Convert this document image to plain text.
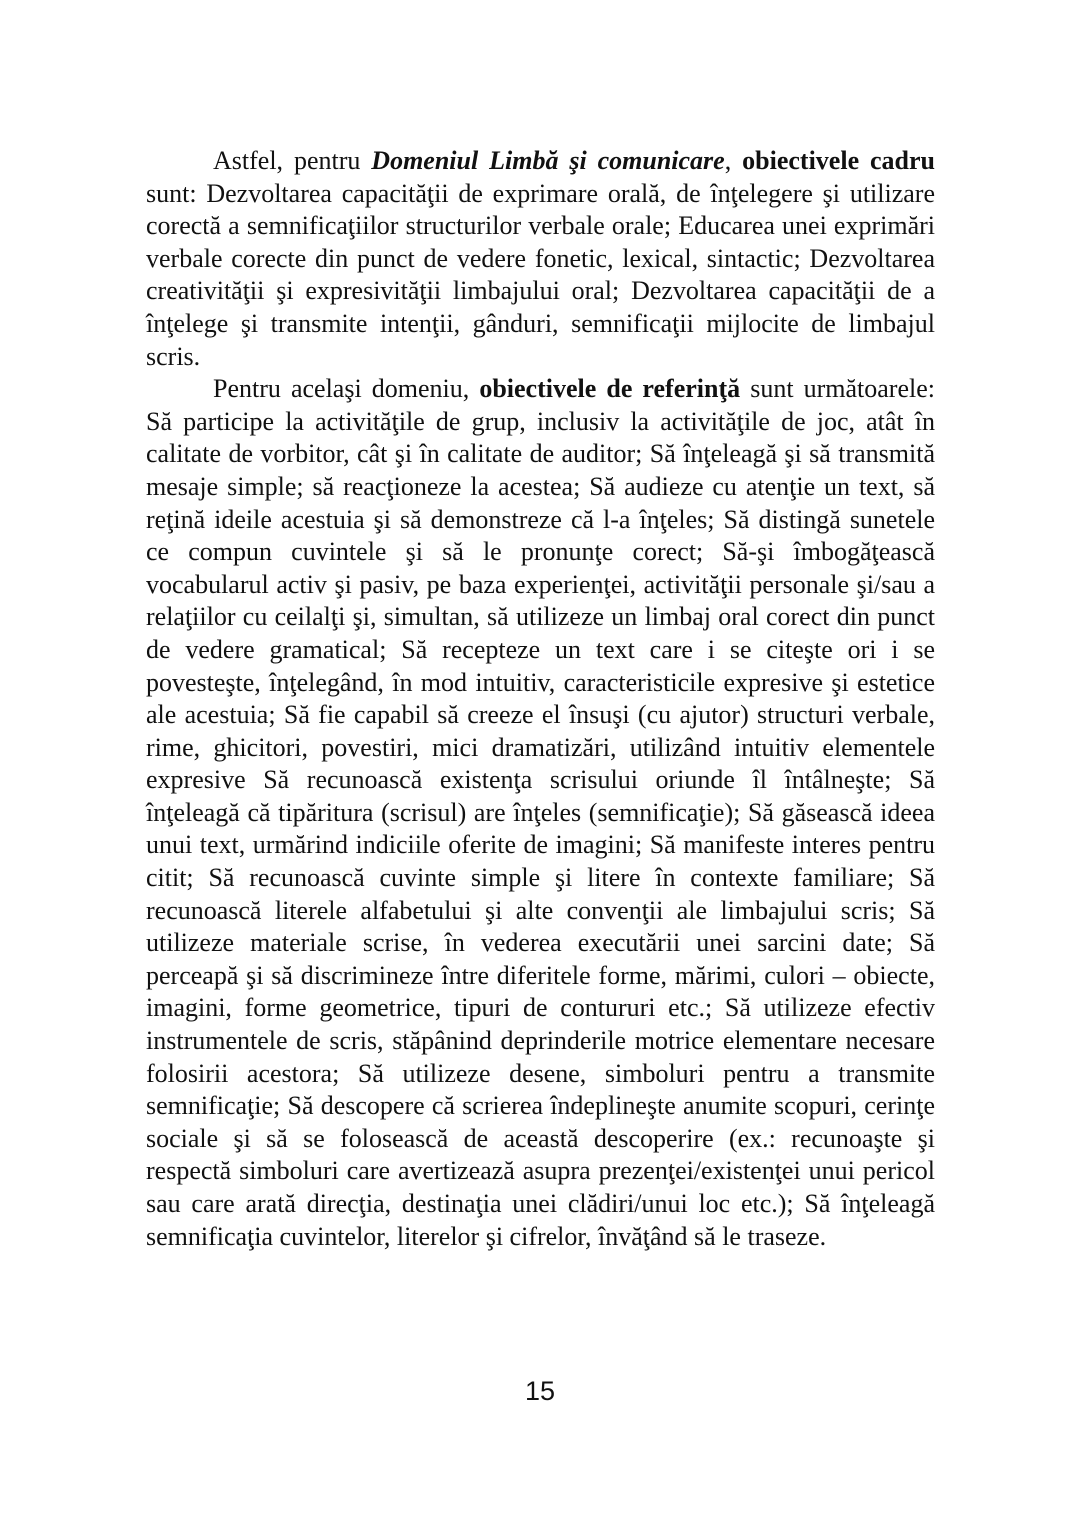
Astfel, pentru Domeniul Limbă şi comunicare, obiectivele cadru sunt: Dezvoltarea capacităţii de exprimare orală, de înţelegere şi utilizare corectă a semnificaţiilor structurilor verbale orale; Educarea unei exprimări verbale corecte din punct de vedere fonetic, lexical, sintactic; Dezvoltarea creativităţii şi expresivităţii limbajului oral; Dezvoltarea capacităţii de a înţelege şi transmite intenţii, gânduri, semnificaţii mijlocite de limbajul scris.

Pentru acelaşi domeniu, obiectivele de referinţă sunt următoarele: Să participe la activităţile de grup, inclusiv la activităţile de joc, atât în calitate de vorbitor, cât şi în calitate de auditor; Să înţeleagă şi să transmită mesaje simple; să reacţioneze la acestea; Să audieze cu atenţie un text, să reţină ideile acestuia şi să demonstreze că l-a înţeles; Să distingă sunetele ce compun cuvintele şi să le pronunţe corect; Să-şi îmbogăţească vocabularul activ şi pasiv, pe baza experienţei, activităţii personale şi/sau a relaţiilor cu ceilalţi şi, simultan, să utilizeze un limbaj oral corect din punct de vedere gramatical; Să recepteze un text care i se citeşte ori i se povesteşte, înţelegând, în mod intuitiv, caracteristicile expresive şi estetice ale acestuia; Să fie capabil să creeze el însuşi (cu ajutor) structuri verbale, rime, ghicitori, povestiri, mici dramatizări, utilizând intuitiv elementele expresive Să recunoască existenţa scrisului oriunde îl întâlneşte; Să înţeleagă că tipăritura (scrisul) are înţeles (semnificaţie); Să găsească ideea unui text, urmărind indiciile oferite de imagini; Să manifeste interes pentru citit; Să recunoască cuvinte simple şi litere în contexte familiare; Să recunoască literele alfabetului şi alte convenţii ale limbajului scris; Să utilizeze materiale scrise, în vederea executării unei sarcini date; Să perceapă şi să discrimineze între diferitele forme, mărimi, culori – obiecte, imagini, forme geometrice, tipuri de contururi etc.; Să utilizeze efectiv instrumentele de scris, stăpânind deprinderile motrice elementare necesare folosirii acestora; Să utilizeze desene, simboluri pentru a transmite semnificaţie; Să descopere că scrierea îndeplineşte anumite scopuri, cerinţe sociale şi să se folosească de această descoperire (ex.: recunoaşte şi respectă simboluri care avertizează asupra prezenţei/existenţei unui pericol sau care arată direcţia, destinaţia unei clădiri/unui loc etc.); Să înţeleagă semnificaţia cuvintelor, literelor şi cifrelor, învăţând să le traseze.

15
